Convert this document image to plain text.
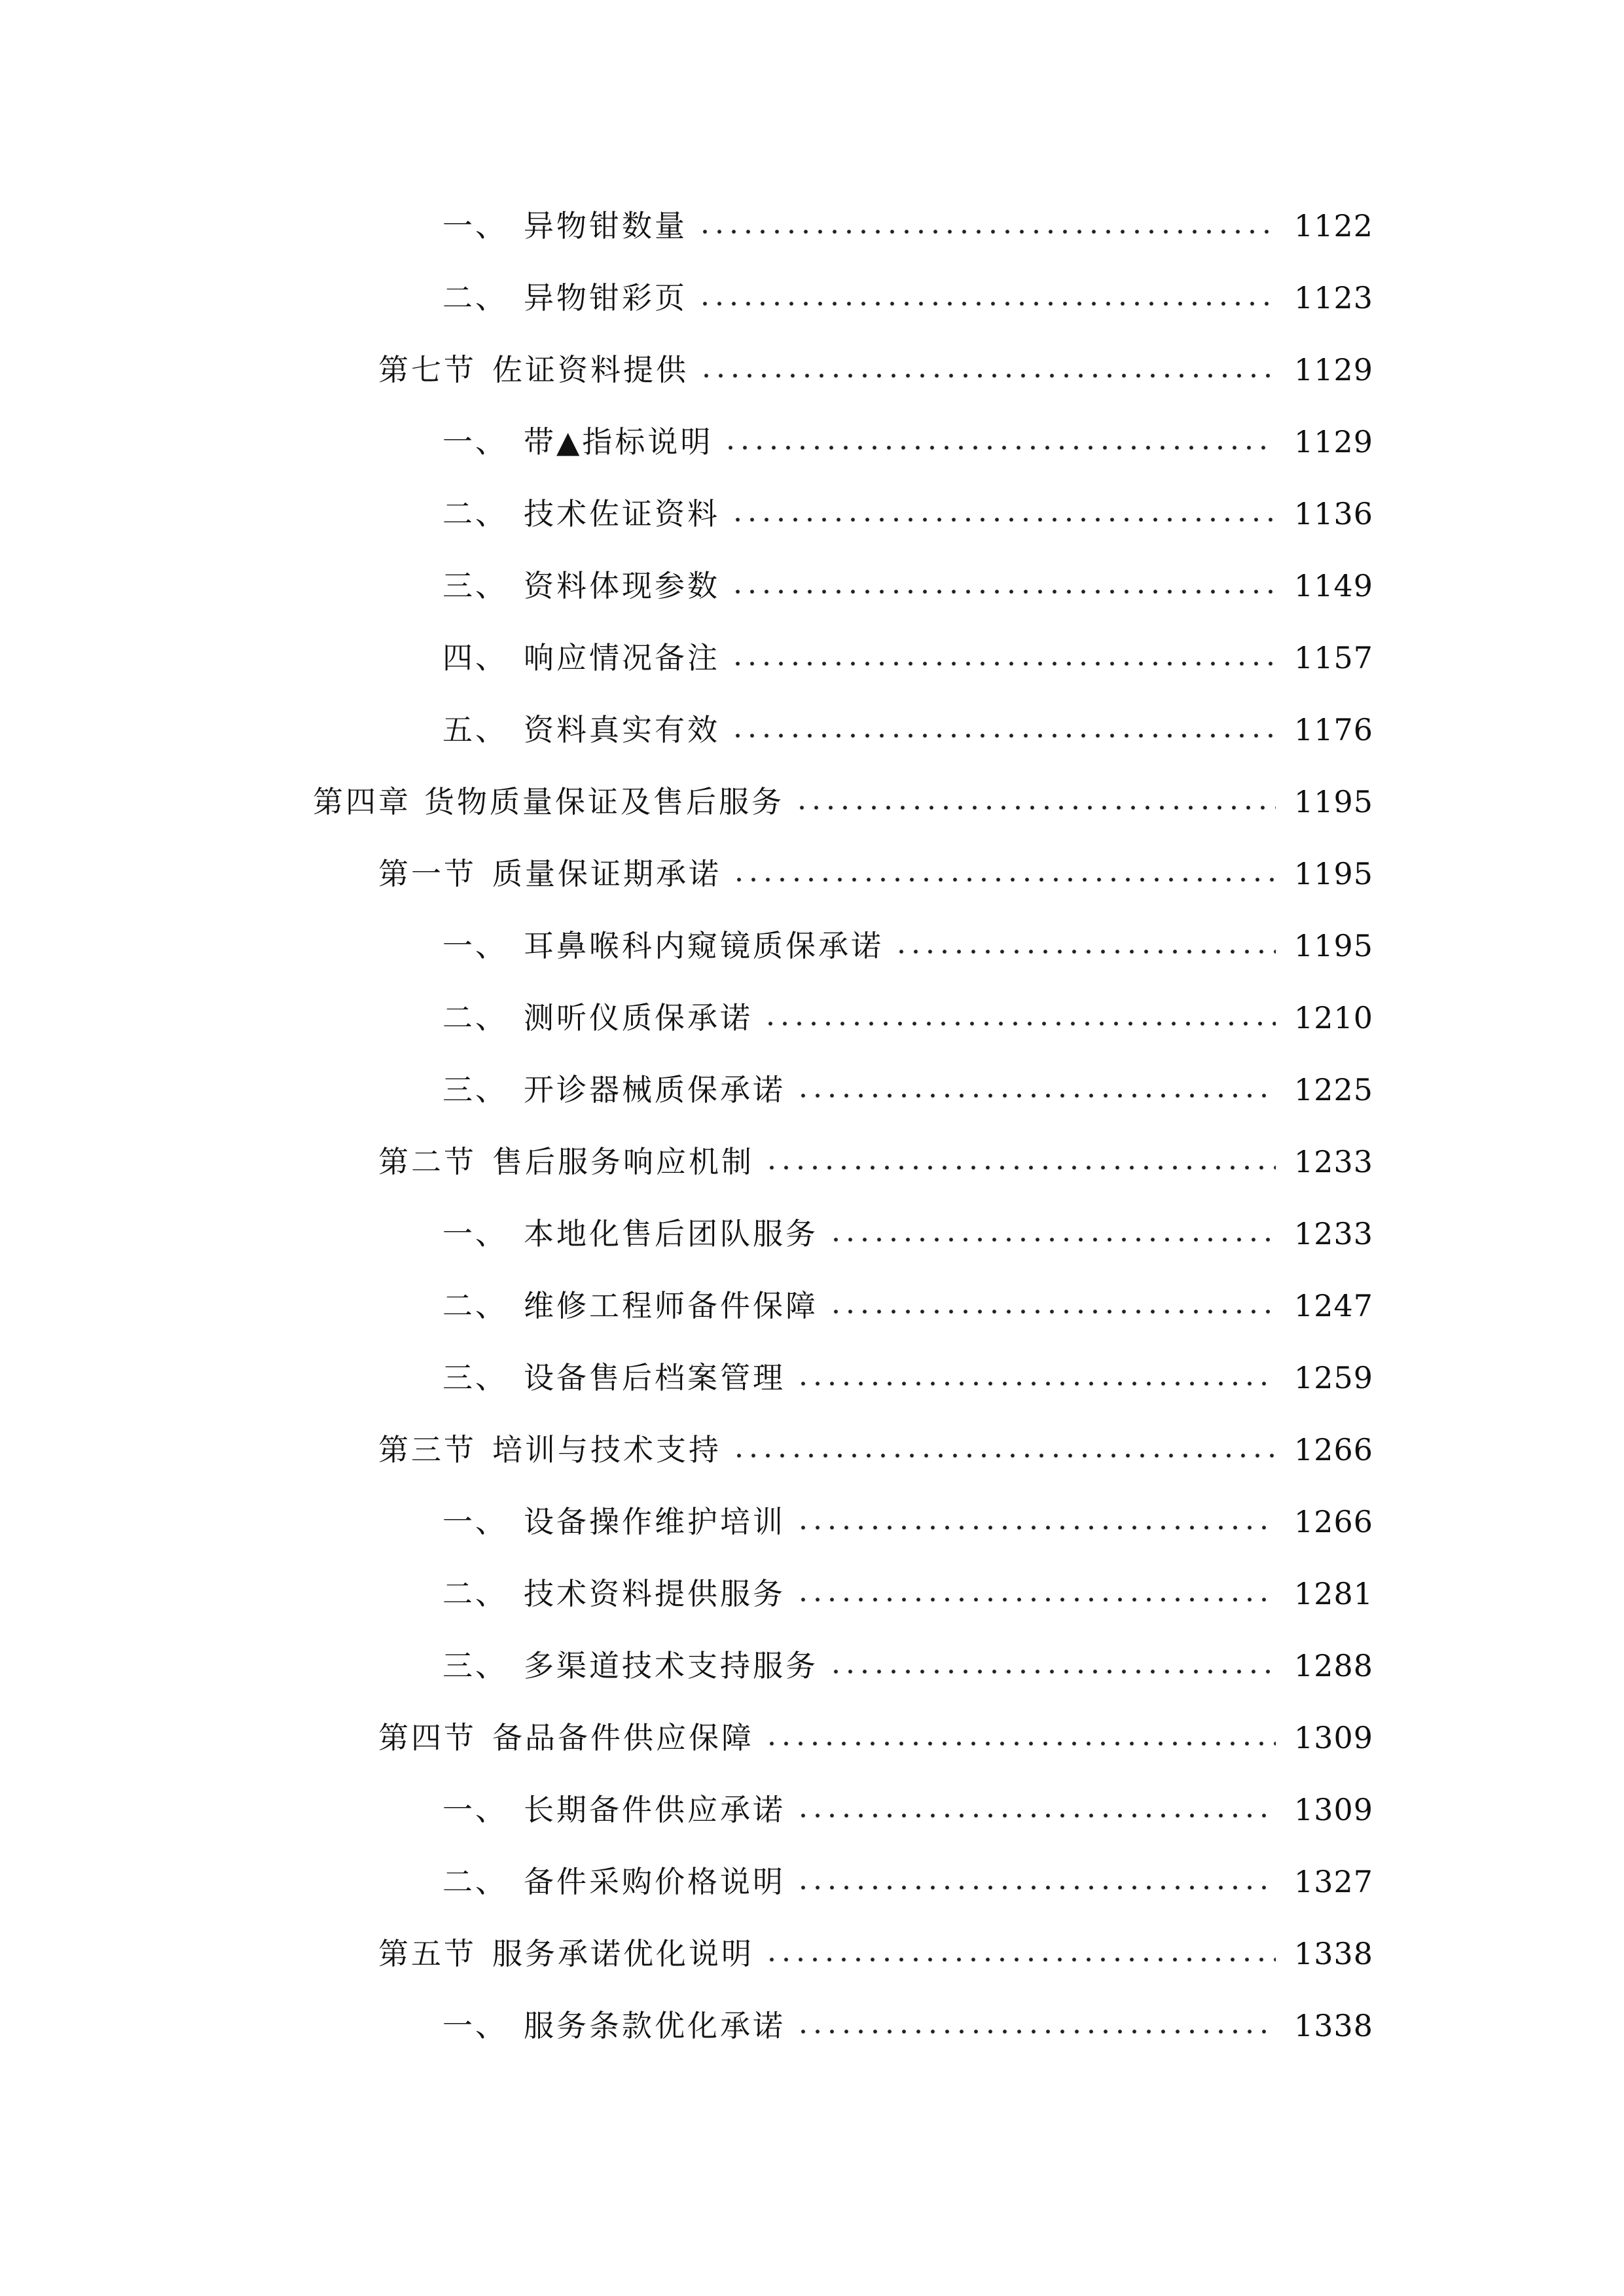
一、 异物钳数量	1122
二、 异物钳彩页	1123
第七节 佐证资料提供	1129
一、 带▲指标说明	1129
二、 技术佐证资料	1136
三、 资料体现参数	1149
四、 响应情况备注	1157
五、 资料真实有效	1176
第四章 货物质量保证及售后服务	1195
第一节 质量保证期承诺	1195
一、 耳鼻喉科内窥镜质保承诺	1195
二、 测听仪质保承诺	1210
三、 开诊器械质保承诺	1225
第二节 售后服务响应机制	1233
一、 本地化售后团队服务	1233
二、 维修工程师备件保障	1247
三、 设备售后档案管理	1259
第三节 培训与技术支持	1266
一、 设备操作维护培训	1266
二、 技术资料提供服务	1281
三、 多渠道技术支持服务	1288
第四节 备品备件供应保障	1309
一、 长期备件供应承诺	1309
二、 备件采购价格说明	1327
第五节 服务承诺优化说明	1338
一、 服务条款优化承诺	1338
